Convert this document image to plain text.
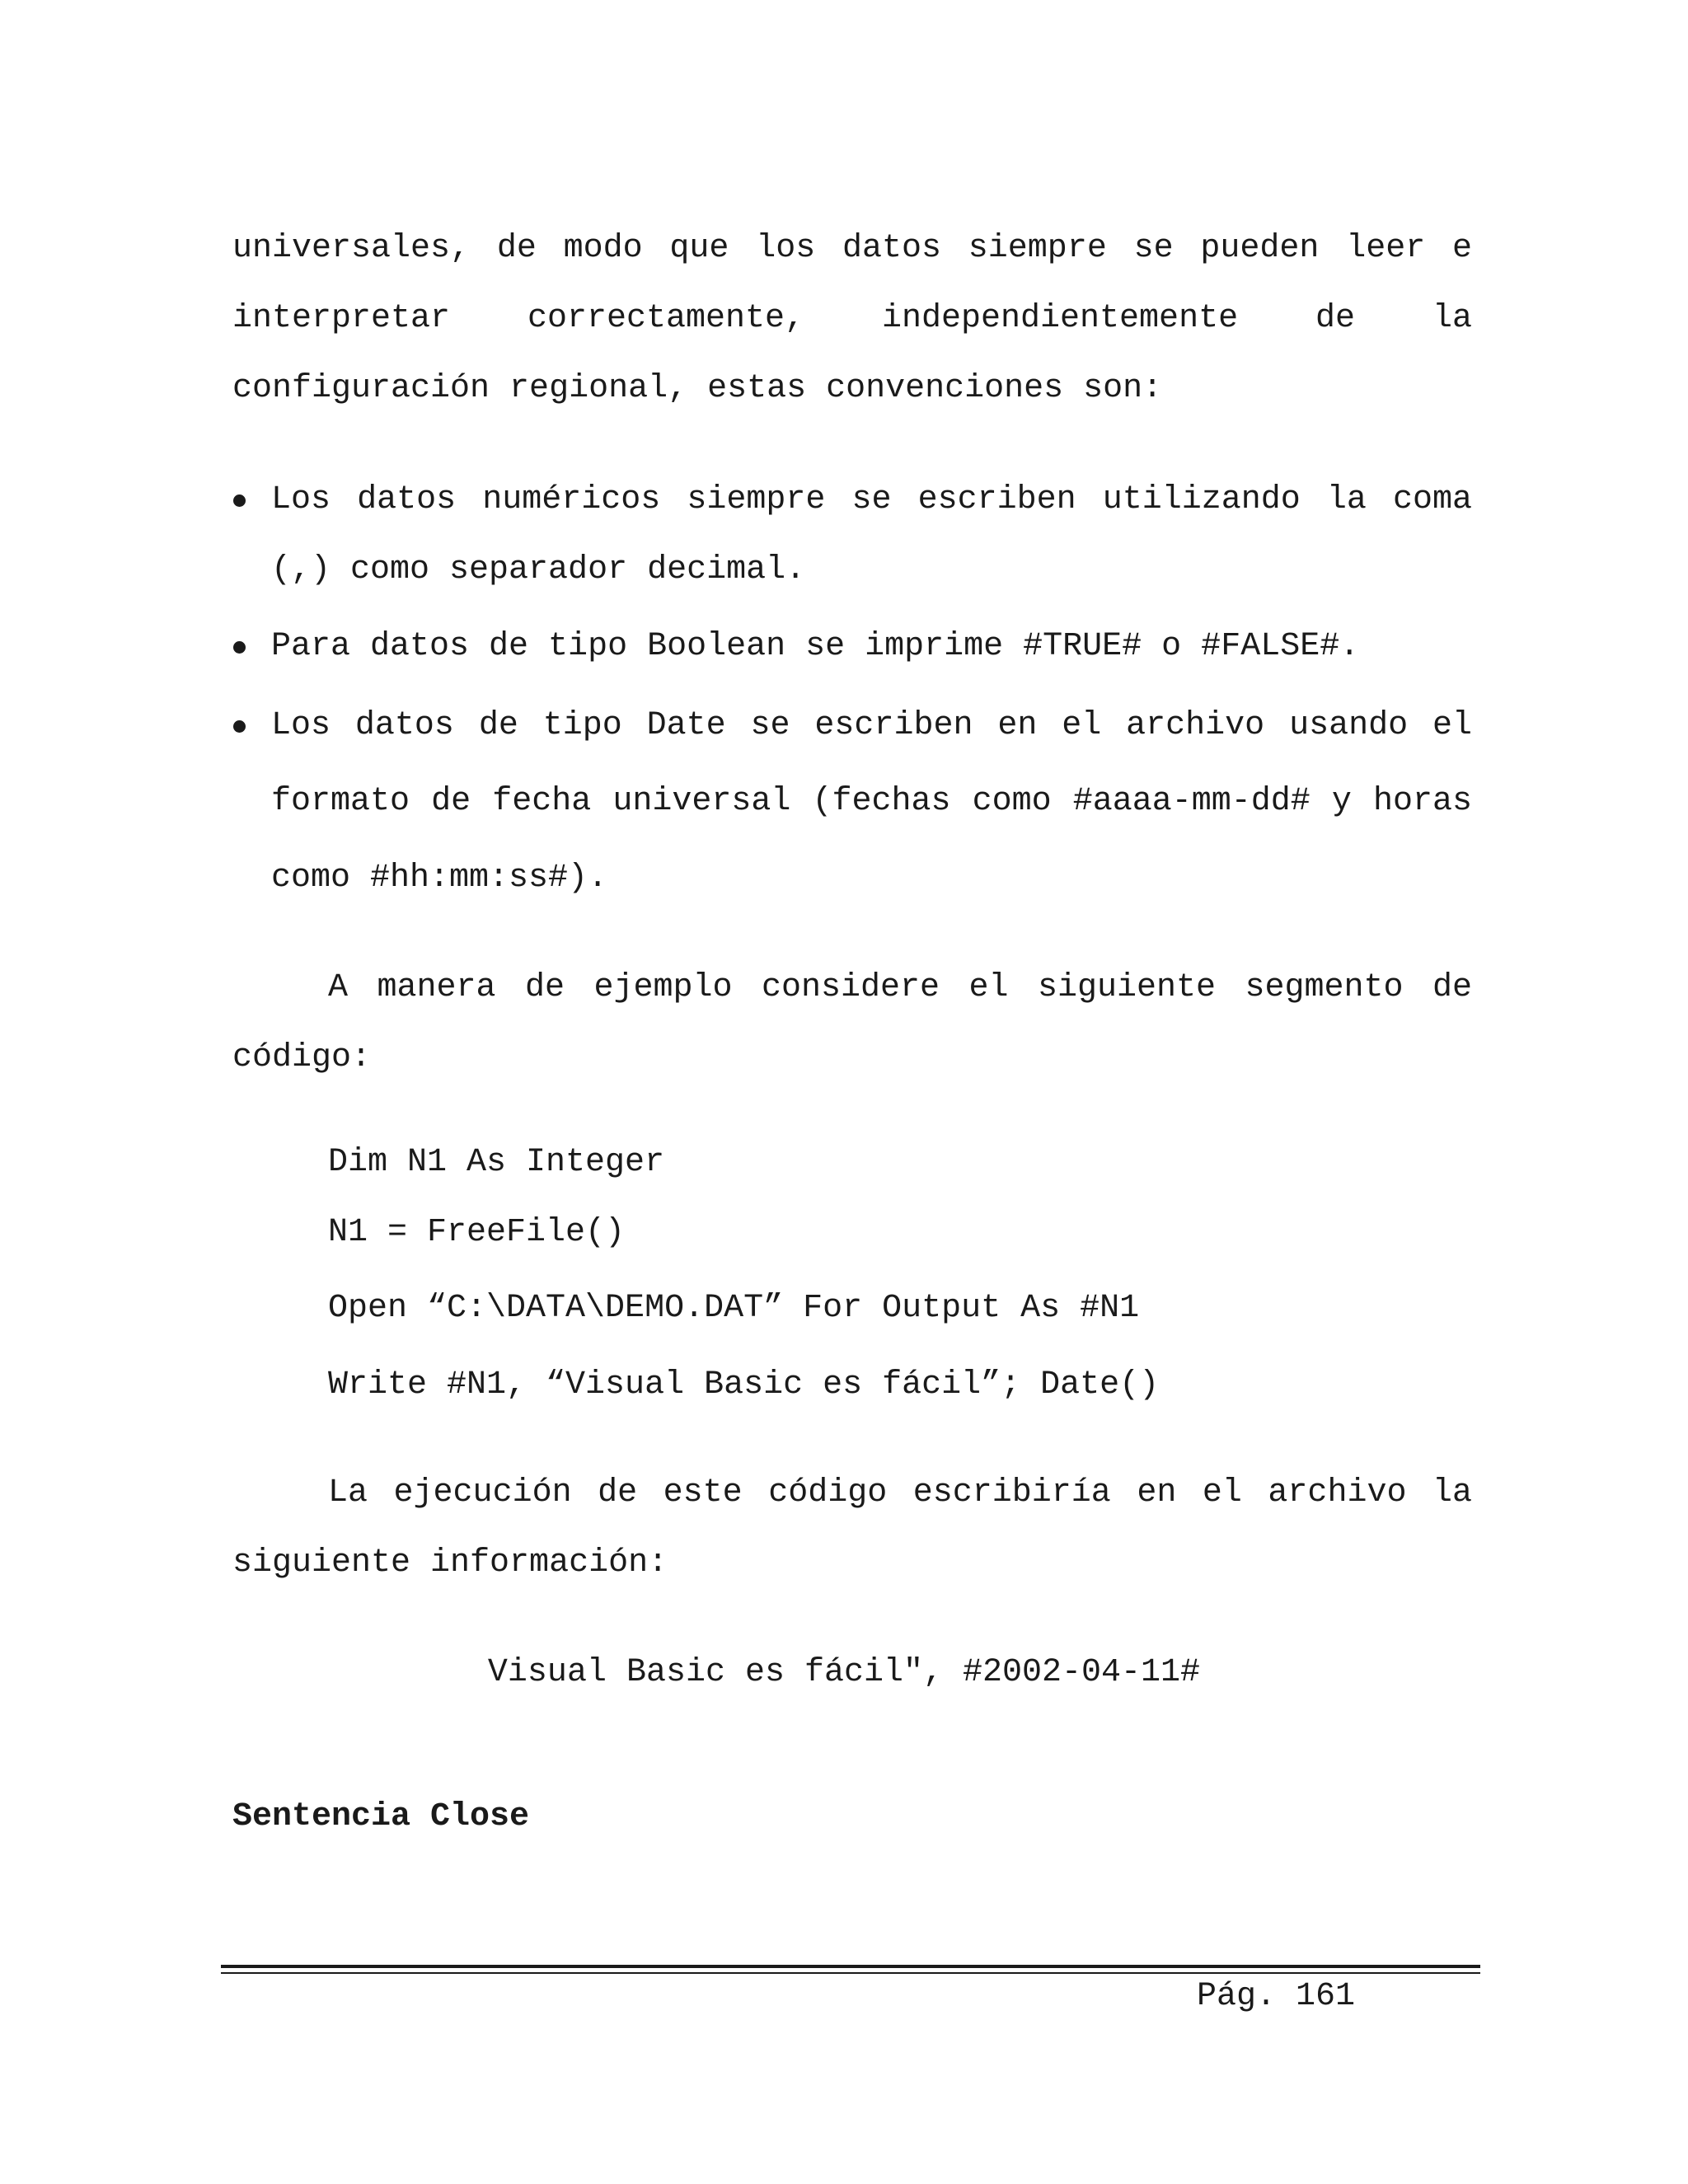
universales, de modo que los datos siempre se pueden leer e
interpretar correctamente, independientemente de la
configuración regional, estas convenciones son:
Los datos numéricos siempre se escriben utilizando la coma
(,) como separador decimal.
Para datos de tipo Boolean se imprime #TRUE# o #FALSE#.
Los datos de tipo Date se escriben en el archivo usando el
formato de fecha universal (fechas como #aaaa-mm-dd# y horas
como #hh:mm:ss#).
A manera de ejemplo considere el siguiente segmento de
código:
Dim N1 As Integer
N1 = FreeFile()
Open “C:\DATA\DEMO.DAT” For Output As #N1
Write #N1, “Visual Basic es fácil”; Date()
La ejecución de este código escribiría en el archivo la
siguiente información:
Visual Basic es fácil", #2002-04-11#
Sentencia Close
Pág. 161
